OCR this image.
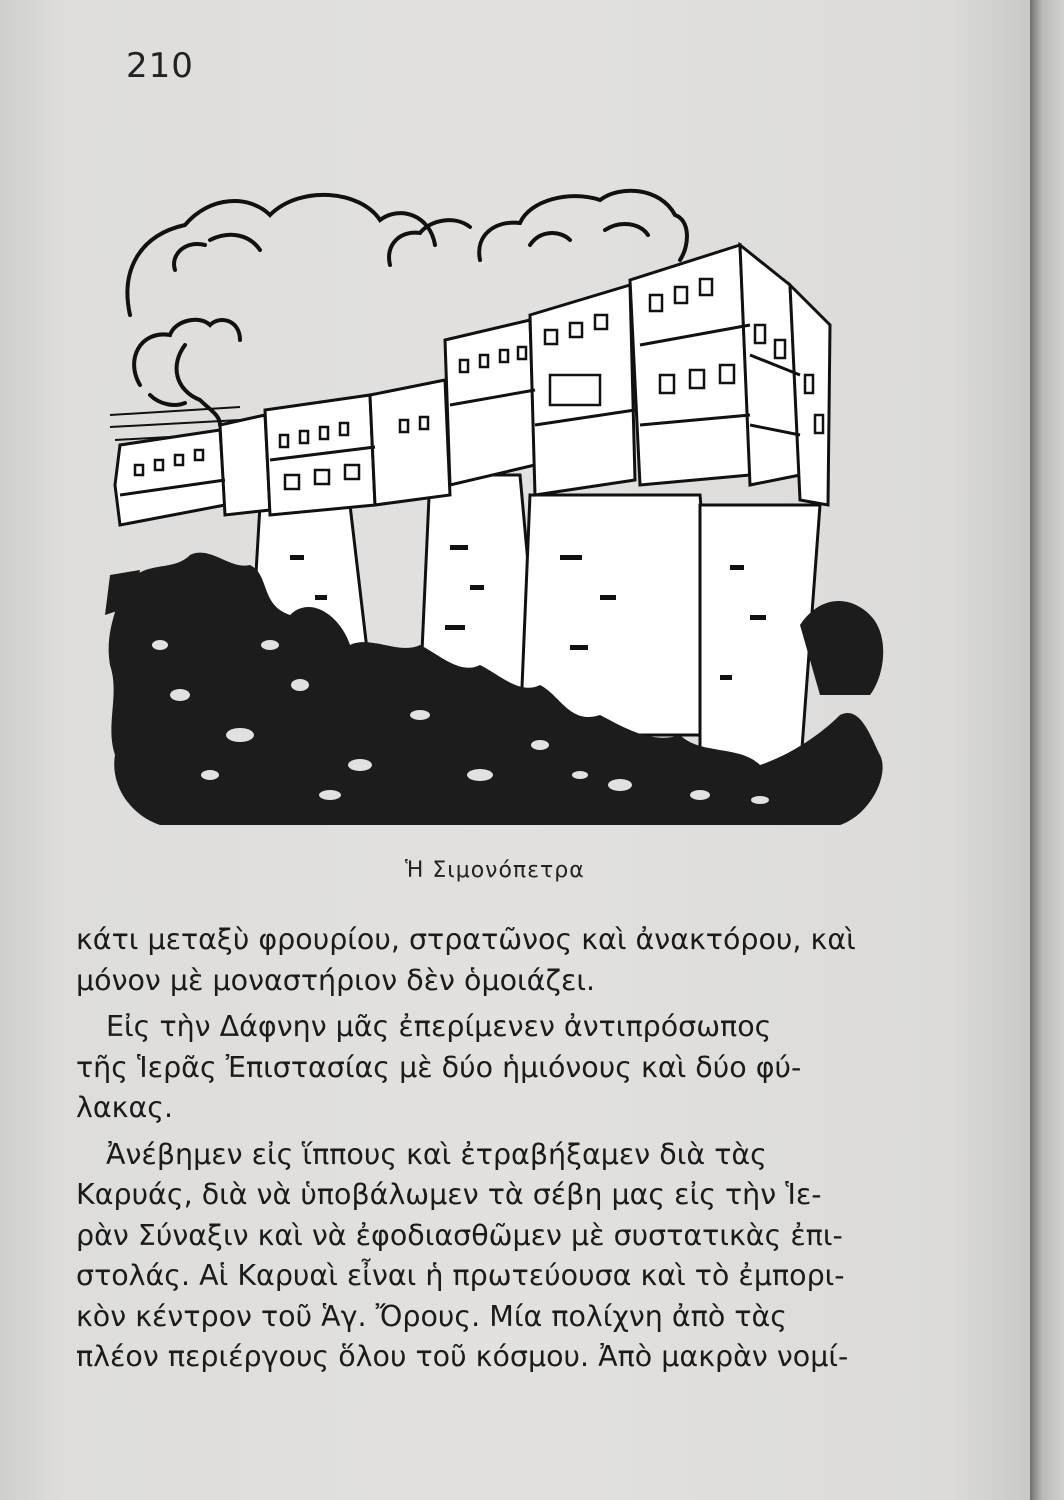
210
Ἡ Σιμονόπετρα
κάτι μεταξὺ φρουρίου, στρατῶνος καὶ ἀνακτόρου, καὶ
μόνον μὲ μοναστήριον δὲν ὁμοιάζει.
Εἰς τὴν Δάφνην μᾶς ἐπερίμενεν ἀντιπρόσωπος
τῆς Ἱερᾶς Ἐπιστασίας μὲ δύο ἡμιόνους καὶ δύο φύ-
λακας.
Ἀνέβημεν εἰς ἵππους καὶ ἐτραβήξαμεν διὰ τὰς
Καρυάς, διὰ νὰ ὑποβάλωμεν τὰ σέβη μας εἰς τὴν Ἱε-
ρὰν Σύναξιν καὶ νὰ ἐφοδιασθῶμεν μὲ συστατικὰς ἐπι-
στολάς. Αἱ Καρυαὶ εἶναι ἡ πρωτεύουσα καὶ τὸ ἐμπορι-
κὸν κέντρον τοῦ Ἁγ. Ὄρους. Μία πολίχνη ἀπὸ τὰς
πλέον περιέργους ὅλου τοῦ κόσμου. Ἀπὸ μακρὰν νομί-
